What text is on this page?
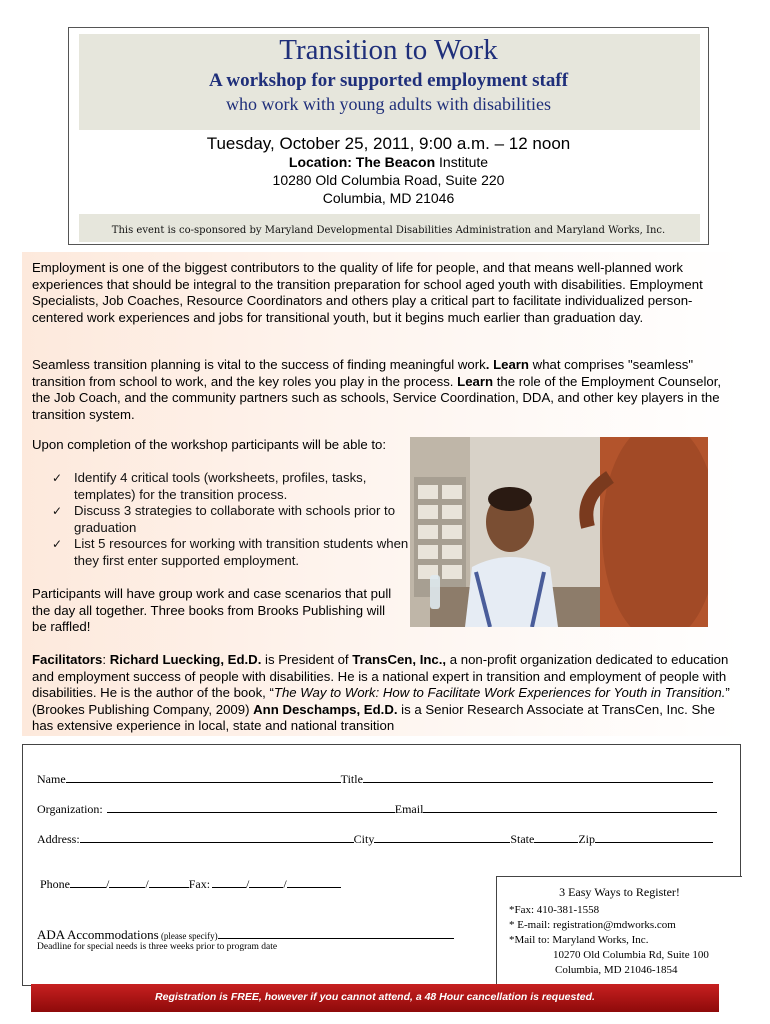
Transition to Work
A workshop for supported employment staff
who work with young adults with disabilities
Tuesday, October 25, 2011, 9:00 a.m. – 12 noon
Location: The Beacon Institute
10280 Old Columbia Road, Suite 220
Columbia, MD 21046
This event is co-sponsored by Maryland Developmental Disabilities Administration and Maryland Works, Inc.

Employment is one of the biggest contributors to the quality of life for people, and that means well-planned work experiences that should be integral to the transition preparation for school aged youth with disabilities. Employment Specialists, Job Coaches, Resource Coordinators and others play a critical part to facilitate individualized person-centered work experiences and jobs for transitional youth, but it begins much earlier than graduation day.

Seamless transition planning is vital to the success of finding meaningful work. Learn what comprises "seamless" transition from school to work, and the key roles you play in the process. Learn the role of the Employment Counselor, the Job Coach, and the community partners such as schools, Service Coordination, DDA, and other key players in the transition system.

Upon completion of the workshop participants will be able to:

✓ Identify 4 critical tools (worksheets, profiles, tasks, templates) for the transition process.
✓ Discuss 3 strategies to collaborate with schools prior to graduation
✓ List 5 resources for working with transition students when they first enter supported employment.

Participants will have group work and case scenarios that pull the day all together. Three books from Brooks Publishing will be raffled!

Facilitators: Richard Luecking, Ed.D. is President of TransCen, Inc., a non-profit organization dedicated to education and employment success of people with disabilities. He is a national expert in transition and employment of people with disabilities. He is the author of the book, “The Way to Work: How to Facilitate Work Experiences for Youth in Transition.” (Brookes Publishing Company, 2009) Ann Deschamps, Ed.D. is a Senior Research Associate at TransCen, Inc. She has extensive experience in local, state and national transition

Name	Title
Organization:	Email
Address:	City	State	Zip
Phone	/	/	Fax:	/	/
ADA Accommodations (please specify)
Deadline for special needs is three weeks prior to program date
3 Easy Ways to Register!
*Fax: 410-381-1558
* E-mail: registration@mdworks.com
*Mail to: Maryland Works, Inc.
10270 Old Columbia Rd, Suite 100
Columbia, MD 21046-1854
Registration is FREE, however if you cannot attend, a 48 Hour cancellation is requested.
